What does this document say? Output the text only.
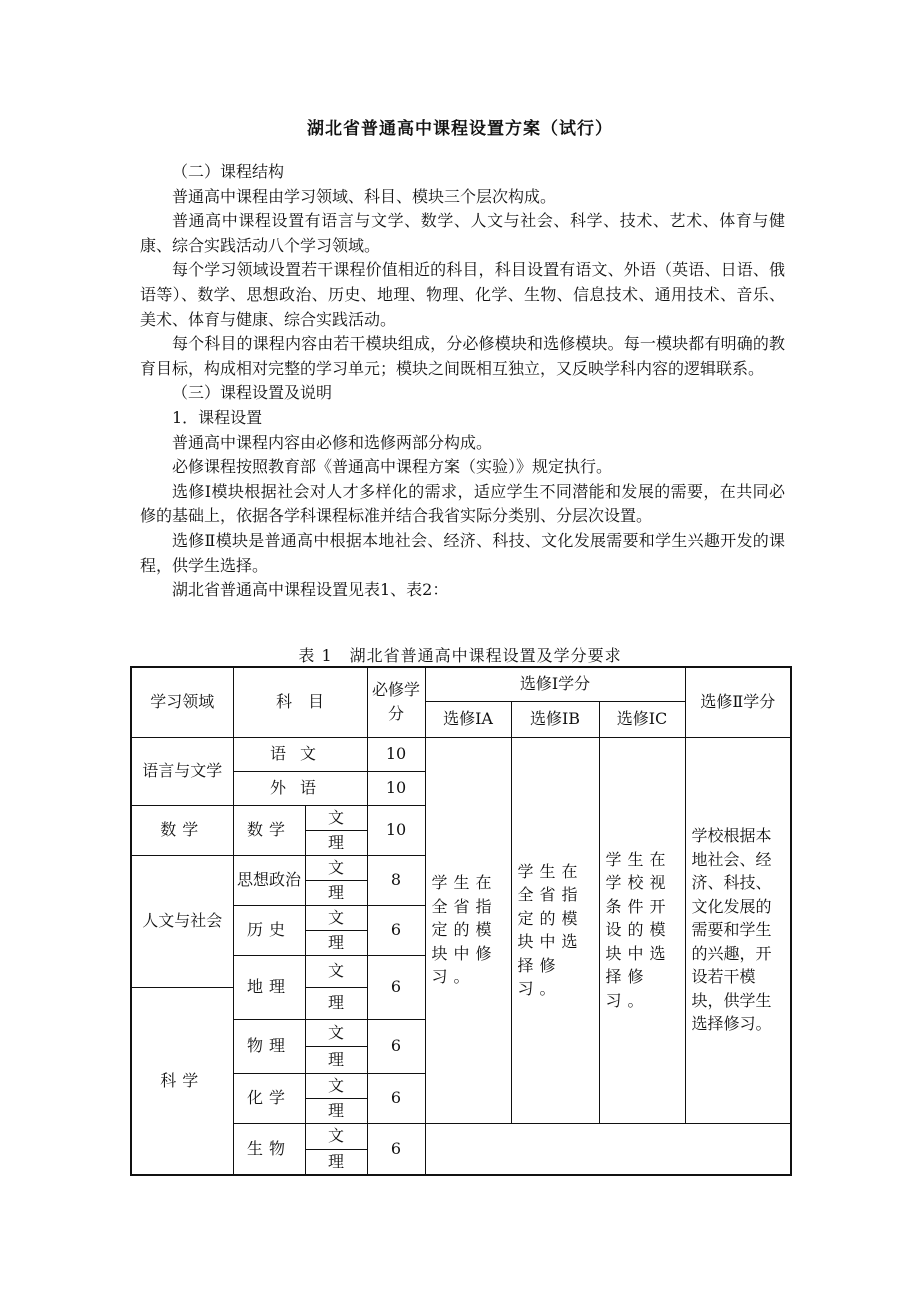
湖北省普通高中课程设置方案（试行）

（二）课程结构

普通高中课程由学习领域、科目、模块三个层次构成。

普通高中课程设置有语言与文学、数学、人文与社会、科学、技术、艺术、体育与健康、综合实践活动八个学习领域。

每个学习领域设置若干课程价值相近的科目，科目设置有语文、外语（英语、日语、俄语等）、数学、思想政治、历史、地理、物理、化学、生物、信息技术、通用技术、音乐、美术、体育与健康、综合实践活动。

每个科目的课程内容由若干模块组成，分必修模块和选修模块。每一模块都有明确的教育目标，构成相对完整的学习单元；模块之间既相互独立，又反映学科内容的逻辑联系。

（三）课程设置及说明

1．课程设置

普通高中课程内容由必修和选修两部分构成。

必修课程按照教育部《普通高中课程方案（实验）》规定执行。

选修Ⅰ模块根据社会对人才多样化的需求，适应学生不同潜能和发展的需要，在共同必修的基础上，依据各学科课程标准并结合我省实际分类别、分层次设置。

选修Ⅱ模块是普通高中根据本地社会、经济、科技、文化发展需要和学生兴趣开发的课程，供学生选择。

湖北省普通高中课程设置见表1、表2：

表 1　湖北省普通高中课程设置及学分要求
学习领域	科　目		必修学分	选修Ⅰ学分			选修Ⅱ学分
				选修ⅠA	选修ⅠB	选修ⅠC	
语言与文学	语文		10	学生在全省指定的模块中修习。	学生在全省指定的模块中选择修习。	学生在学校视条件开设的模块中选择修习。	学校根据本地社会、经济、科技、文化发展的需要和学生的兴趣，开设若干模块，供学生选择修习。
	外语		10				
数学	数学	文	10				
		理					
人文与社会	思想政治	文	8				
		理					
	历史	文	6				
		理					
	地理	文	6				

科学		理					

	物理	文	6				
		理					
	化学	文	6				
		理					
	生物	文	6				
		理					
